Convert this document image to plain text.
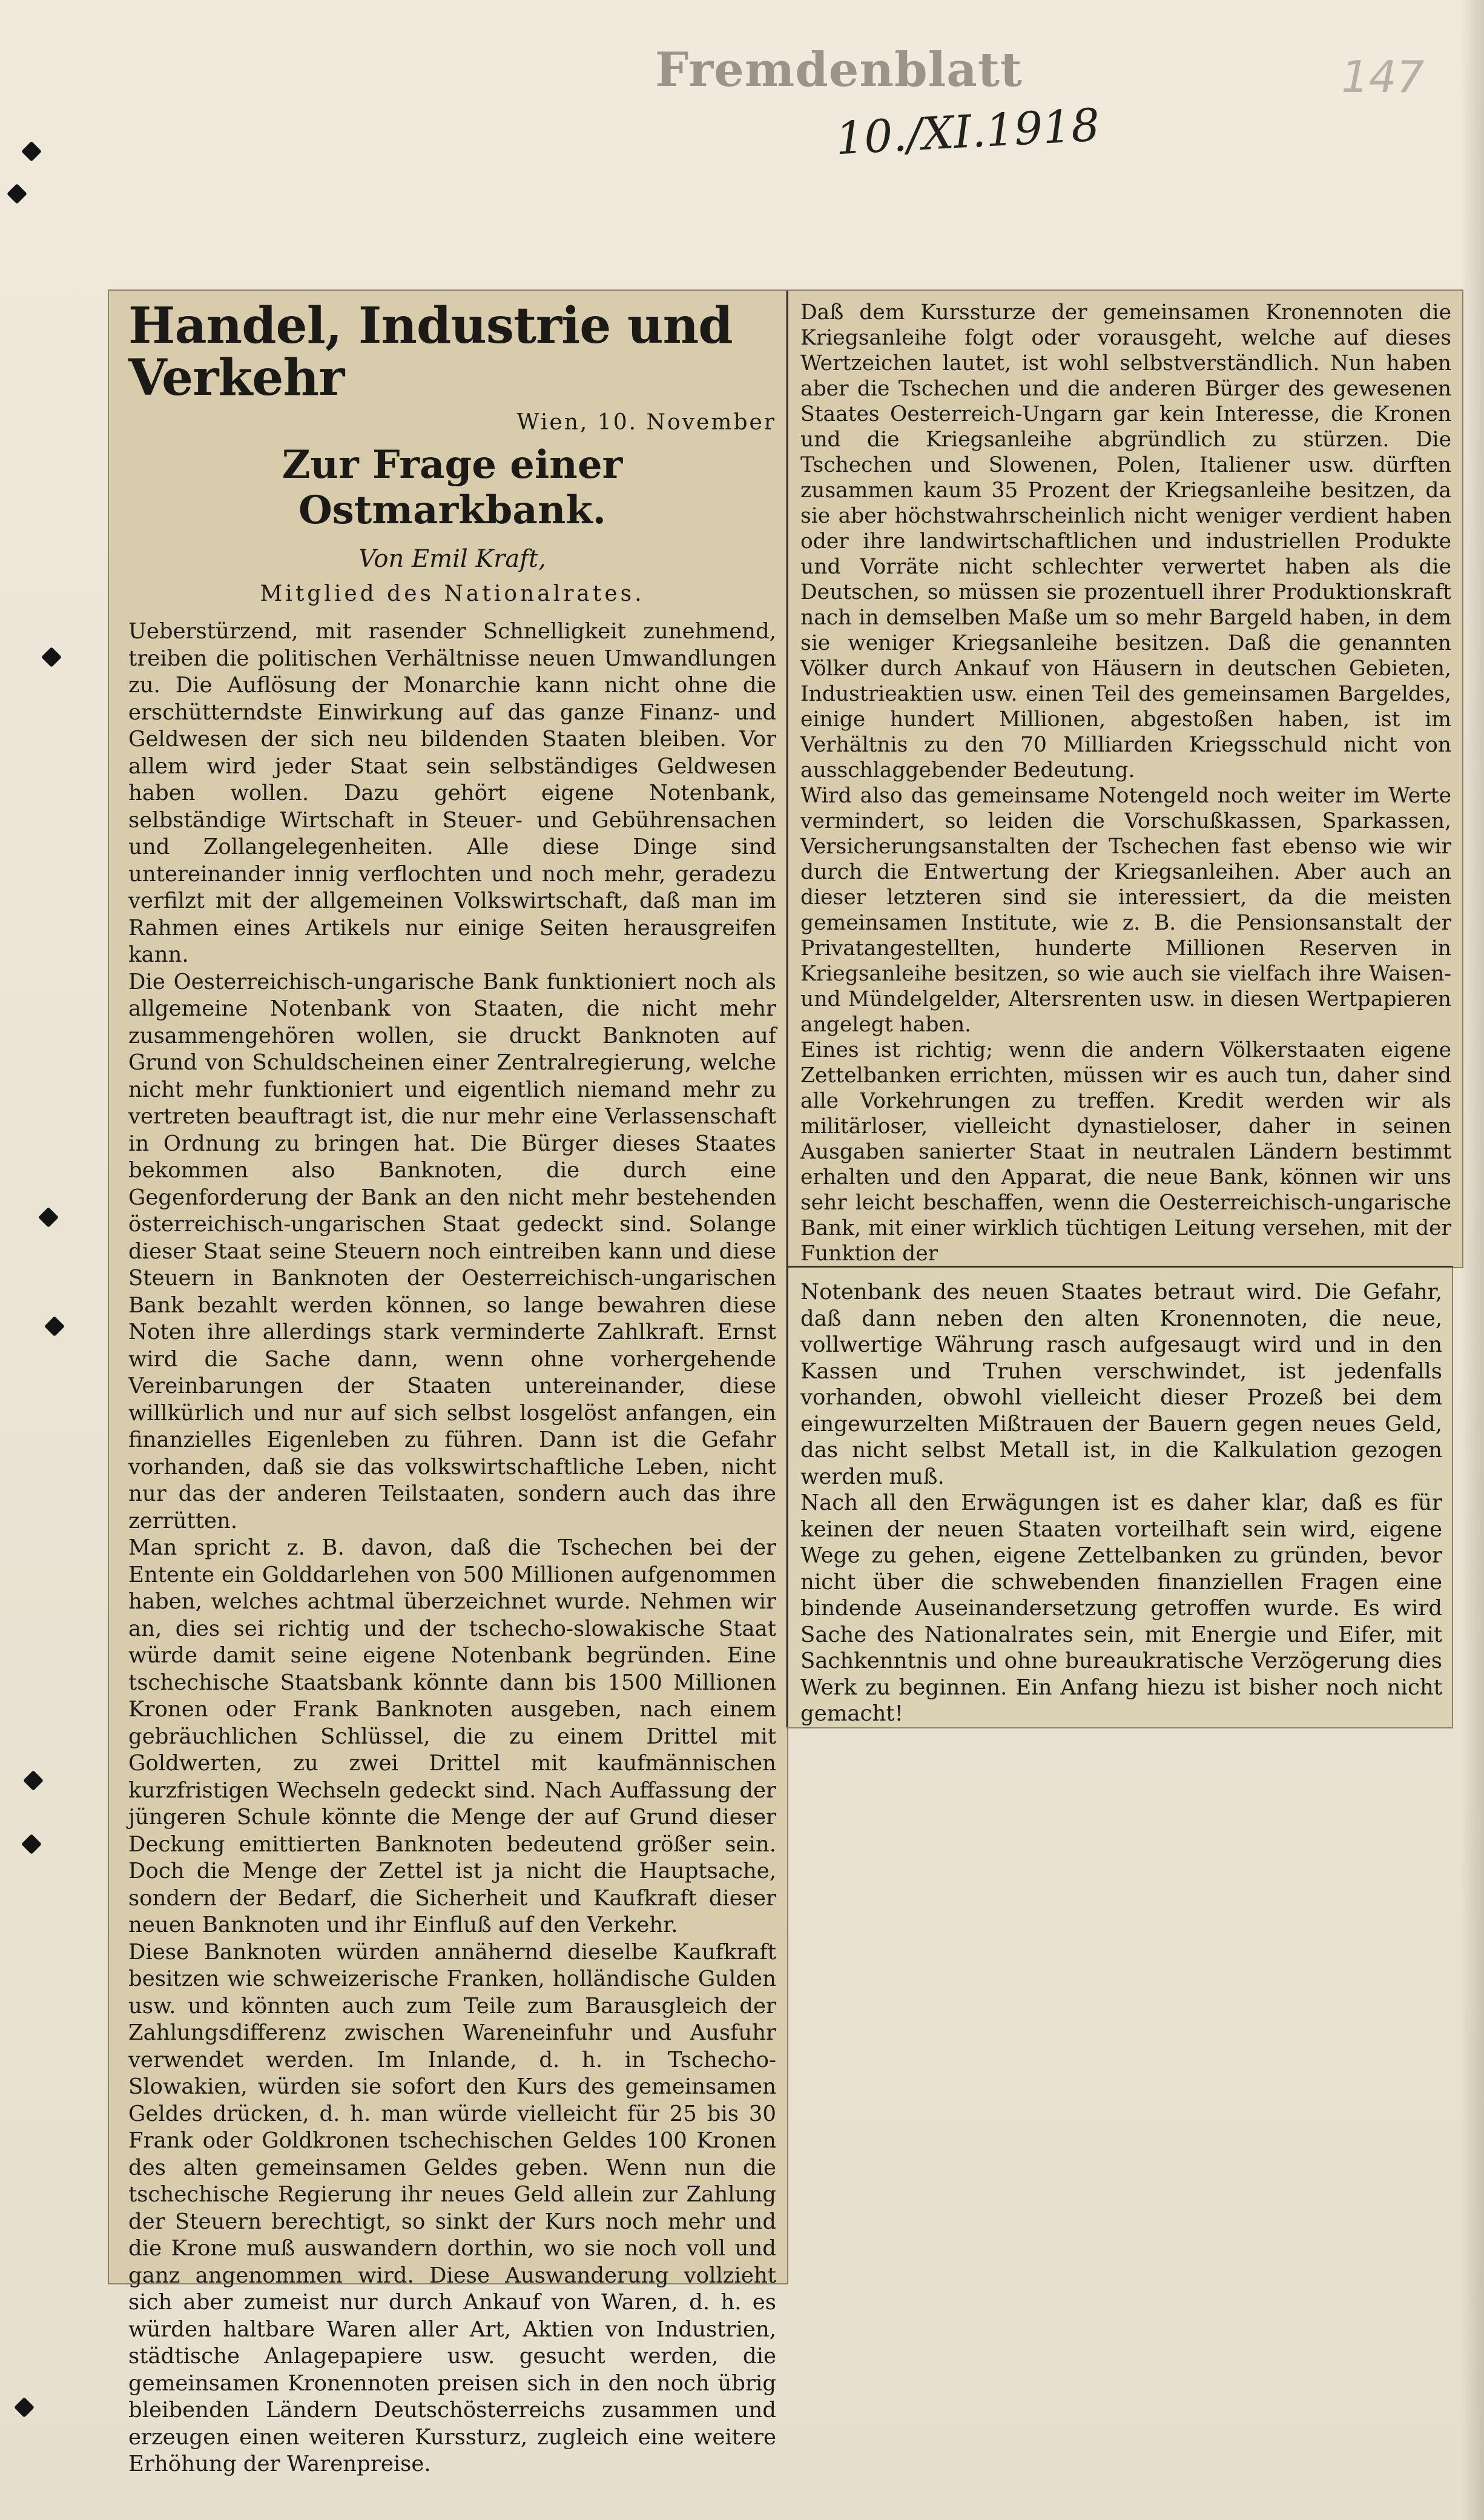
Fremdenblatt
10./XI.1918
147
Handel, Industrie und Verkehr
Wien, 10. November
Zur Frage einer Ostmarkbank.
Von Emil Kraft,
Mitglied des Nationalrates.

Ueberstürzend, mit rasender Schnelligkeit zunehmend, treiben die politischen Verhältnisse neuen Umwandlungen zu. Die Auflösung der Monarchie kann nicht ohne die erschütterndste Einwirkung auf das ganze Finanz- und Geldwesen der sich neu bildenden Staaten bleiben. Vor allem wird jeder Staat sein selbständiges Geldwesen haben wollen. Dazu gehört eigene Notenbank, selbständige Wirtschaft in Steuer- und Gebührensachen und Zollangelegenheiten. Alle diese Dinge sind untereinander innig verflochten und noch mehr, geradezu verfilzt mit der allgemeinen Volkswirtschaft, daß man im Rahmen eines Artikels nur einige Seiten herausgreifen kann.

Die Oesterreichisch-ungarische Bank funktioniert noch als allgemeine Notenbank von Staaten, die nicht mehr zusammengehören wollen, sie druckt Banknoten auf Grund von Schuldscheinen einer Zentralregierung, welche nicht mehr funktioniert und eigentlich niemand mehr zu vertreten beauftragt ist, die nur mehr eine Verlassenschaft in Ordnung zu bringen hat. Die Bürger dieses Staates bekommen also Banknoten, die durch eine Gegenforderung der Bank an den nicht mehr bestehenden österreichisch-ungarischen Staat gedeckt sind. Solange dieser Staat seine Steuern noch eintreiben kann und diese Steuern in Banknoten der Oesterreichisch-ungarischen Bank bezahlt werden können, so lange bewahren diese Noten ihre allerdings stark verminderte Zahlkraft. Ernst wird die Sache dann, wenn ohne vorhergehende Vereinbarungen der Staaten untereinander, diese willkürlich und nur auf sich selbst losgelöst anfangen, ein finanzielles Eigenleben zu führen. Dann ist die Gefahr vorhanden, daß sie das volkswirtschaftliche Leben, nicht nur das der anderen Teilstaaten, sondern auch das ihre zerrütten.

Man spricht z. B. davon, daß die Tschechen bei der Entente ein Golddarlehen von 500 Millionen aufgenommen haben, welches achtmal überzeichnet wurde. Nehmen wir an, dies sei richtig und der tschecho-slowakische Staat würde damit seine eigene Notenbank begründen. Eine tschechische Staatsbank könnte dann bis 1500 Millionen Kronen oder Frank Banknoten ausgeben, nach einem gebräuchlichen Schlüssel, die zu einem Drittel mit Goldwerten, zu zwei Drittel mit kaufmännischen kurzfristigen Wechseln gedeckt sind. Nach Auffassung der jüngeren Schule könnte die Menge der auf Grund dieser Deckung emittierten Banknoten bedeutend größer sein. Doch die Menge der Zettel ist ja nicht die Hauptsache, sondern der Bedarf, die Sicherheit und Kaufkraft dieser neuen Banknoten und ihr Einfluß auf den Verkehr.

Diese Banknoten würden annähernd dieselbe Kaufkraft besitzen wie schweizerische Franken, holländische Gulden usw. und könnten auch zum Teile zum Barausgleich der Zahlungsdifferenz zwischen Wareneinfuhr und Ausfuhr verwendet werden. Im Inlande, d. h. in Tschecho-Slowakien, würden sie sofort den Kurs des gemeinsamen Geldes drücken, d. h. man würde vielleicht für 25 bis 30 Frank oder Goldkronen tschechischen Geldes 100 Kronen des alten gemeinsamen Geldes geben. Wenn nun die tschechische Regierung ihr neues Geld allein zur Zahlung der Steuern berechtigt, so sinkt der Kurs noch mehr und die Krone muß auswandern dorthin, wo sie noch voll und ganz angenommen wird. Diese Auswanderung vollzieht sich aber zumeist nur durch Ankauf von Waren, d. h. es würden haltbare Waren aller Art, Aktien von Industrien, städtische Anlagepapiere usw. gesucht werden, die gemeinsamen Kronennoten preisen sich in den noch übrig bleibenden Ländern Deutschösterreichs zusammen und erzeugen einen weiteren Kurssturz, zugleich eine weitere Erhöhung der Warenpreise.

Daß dem Kurssturze der gemeinsamen Kronennoten die Kriegsanleihe folgt oder vorausgeht, welche auf dieses Wertzeichen lautet, ist wohl selbstverständlich. Nun haben aber die Tschechen und die anderen Bürger des gewesenen Staates Oesterreich-Ungarn gar kein Interesse, die Kronen und die Kriegsanleihe abgründlich zu stürzen. Die Tschechen und Slowenen, Polen, Italiener usw. dürften zusammen kaum 35 Prozent der Kriegsanleihe besitzen, da sie aber höchstwahrscheinlich nicht weniger verdient haben oder ihre landwirtschaftlichen und industriellen Produkte und Vorräte nicht schlechter verwertet haben als die Deutschen, so müssen sie prozentuell ihrer Produktionskraft nach in demselben Maße um so mehr Bargeld haben, in dem sie weniger Kriegsanleihe besitzen. Daß die genannten Völker durch Ankauf von Häusern in deutschen Gebieten, Industrieaktien usw. einen Teil des gemeinsamen Bargeldes, einige hundert Millionen, abgestoßen haben, ist im Verhältnis zu den 70 Milliarden Kriegsschuld nicht von ausschlaggebender Bedeutung.

Wird also das gemeinsame Notengeld noch weiter im Werte vermindert, so leiden die Vorschußkassen, Sparkassen, Versicherungsanstalten der Tschechen fast ebenso wie wir durch die Entwertung der Kriegsanleihen. Aber auch an dieser letzteren sind sie interessiert, da die meisten gemeinsamen Institute, wie z. B. die Pensionsanstalt der Privatangestellten, hunderte Millionen Reserven in Kriegsanleihe besitzen, so wie auch sie vielfach ihre Waisen- und Mündelgelder, Altersrenten usw. in diesen Wertpapieren angelegt haben.

Eines ist richtig; wenn die andern Völkerstaaten eigene Zettelbanken errichten, müssen wir es auch tun, daher sind alle Vorkehrungen zu treffen. Kredit werden wir als militärloser, vielleicht dynastieloser, daher in seinen Ausgaben sanierter Staat in neutralen Ländern bestimmt erhalten und den Apparat, die neue Bank, können wir uns sehr leicht beschaffen, wenn die Oesterreichisch-ungarische Bank, mit einer wirklich tüchtigen Leitung versehen, mit der Funktion der

Notenbank des neuen Staates betraut wird. Die Gefahr, daß dann neben den alten Kronennoten, die neue, vollwertige Währung rasch aufgesaugt wird und in den Kassen und Truhen verschwindet, ist jedenfalls vorhanden, obwohl vielleicht dieser Prozeß bei dem eingewurzelten Mißtrauen der Bauern gegen neues Geld, das nicht selbst Metall ist, in die Kalkulation gezogen werden muß.

Nach all den Erwägungen ist es daher klar, daß es für keinen der neuen Staaten vorteilhaft sein wird, eigene Wege zu gehen, eigene Zettelbanken zu gründen, bevor nicht über die schwebenden finanziellen Fragen eine bindende Auseinandersetzung getroffen wurde. Es wird Sache des Nationalrates sein, mit Energie und Eifer, mit Sachkenntnis und ohne bureaukratische Verzögerung dies Werk zu beginnen. Ein Anfang hiezu ist bisher noch nicht gemacht!
